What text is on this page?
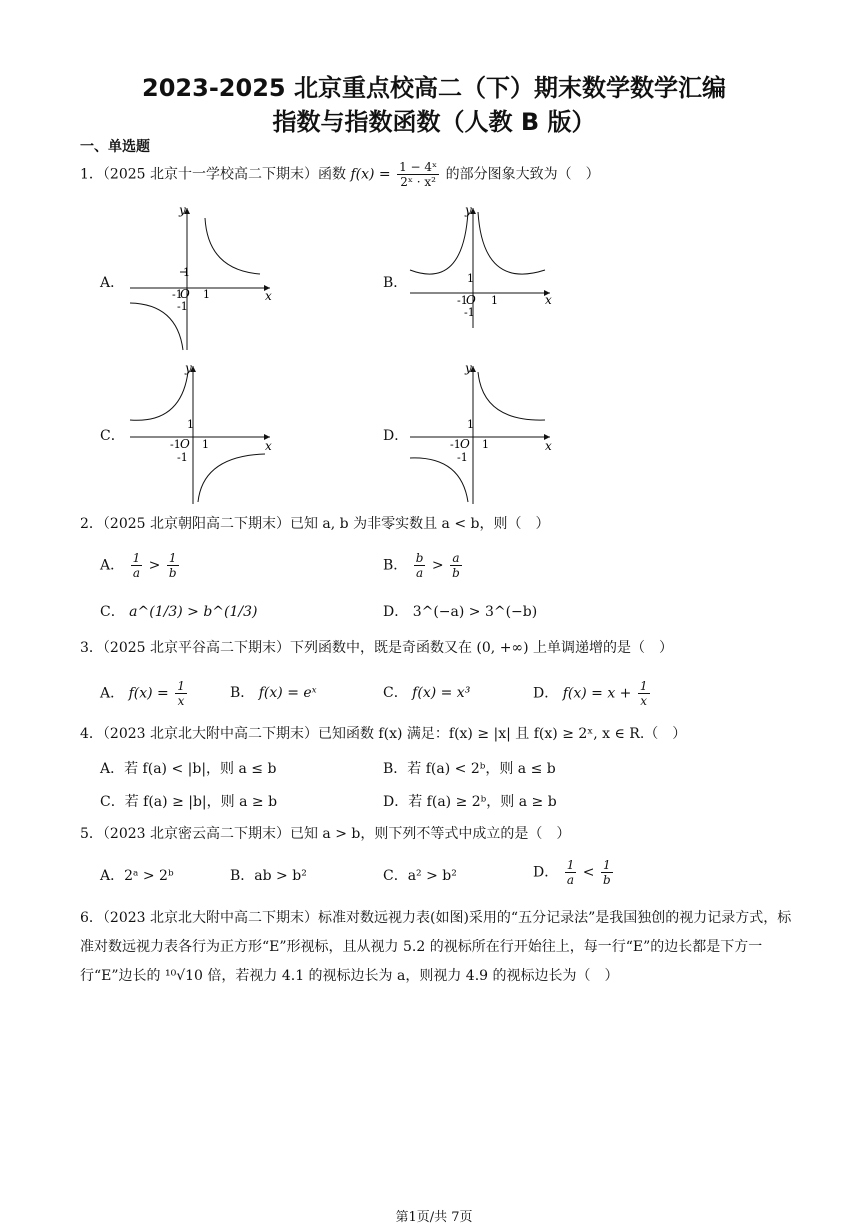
2023-2025 北京重点校高二（下）期末数学数学汇编
指数与指数函数（人教 B 版）
一、单选题
1．（2025 北京十一学校高二下期末）函数 $f(x) = \frac{\text{1 − 4ˣ}}{\text{2ˣ · x²}}$ 的部分图象大致为（　）
A．
y
x
1
-1
O 1
-1
B．
y
x
1
-1
O 1
-1
C．
y
x
1
-1 O 1
-1
D．
y
x
1
-1 O 1
-1
2．（2025 北京朝阳高二下期末）已知 a, b 为非零实数且 a < b，则（　）
A． $\frac{1}{a} > \frac{1}{b}$	B． $\frac{b}{a} > \frac{a}{b}$
C． a^(1/3) > b^(1/3)	D． 3^(−a) > 3^(−b)
3．（2025 北京平谷高二下期末）下列函数中，既是奇函数又在 (0, +∞) 上单调递增的是（　）
A． $f(x) = \frac{1}{x}$	B． f(x) = eˣ	C． f(x) = x³	D． $f(x) = x + \frac{1}{x}$
4．（2023 北京北大附中高二下期末）已知函数 f(x) 满足：f(x) ≥ |x| 且 f(x) ≥ 2ˣ, x ∈ R.（　）
A．若 f(a) < |b|，则 a ≤ b	B．若 f(a) < 2ᵇ，则 a ≤ b
C．若 f(a) ≥ |b|，则 a ≥ b	D．若 f(a) ≥ 2ᵇ，则 a ≥ b
5．（2023 北京密云高二下期末）已知 a > b，则下列不等式中成立的是（　）
A．2ᵃ > 2ᵇ	B．ab > b²	C．a² > b²	D． $\frac{1}{a} < \frac{1}{b}$
6．（2023 北京北大附中高二下期末）标准对数远视力表(如图)采用的“五分记录法”是我国独创的视力记录方式，标准对数远视力表各行为正方形“E”形视标，且从视力 5.2 的视标所在行开始往上，每一行“E”的边长都是下方一行“E”边长的 ¹⁰√10 倍，若视力 4.1 的视标边长为 a，则视力 4.9 的视标边长为（　）
第1页/共 7页
